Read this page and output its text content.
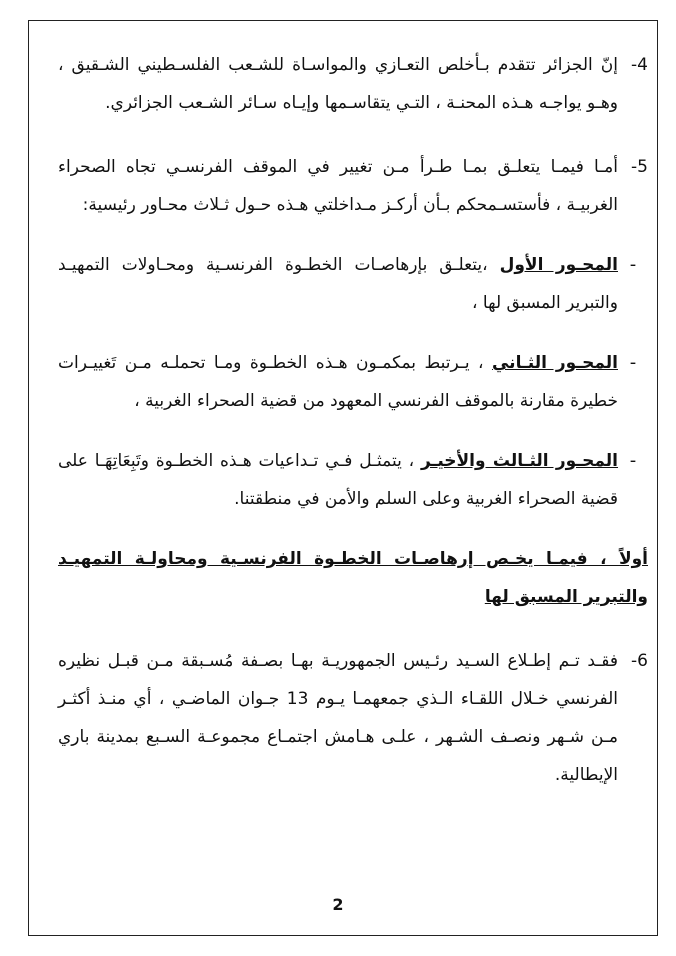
-4
إنّ الجزائر تتقدم بـأخلص التعـازي والمواسـاة للشـعب الفلسـطيني الشـقيق ، وهـو يواجـه هـذه المحنـة ، التـي يتقاسـمها وإيـاه سـائر الشـعب الجزائري.
-5
أمـا فيمـا يتعلـق بمـا طـرأ مـن تغيير في الموقف الفرنسـي تجاه الصحراء الغربيـة ، فأستسـمحكم بـأن أركـز مـداخلتي هـذه حـول ثـلاث محـاور رئيسية:
-
المحـور الأول ،يتعلـق بإرهاصـات الخطـوة الفرنسـية ومحـاولات التمهيـد والتبرير المسبق لها ،
-
المحـور الثـاني ، يـرتبط بمكمـون هـذه الخطـوة ومـا تحملـه مـن تَغييـرات خطيرة مقارنة بالموقف الفرنسي المعهود من قضية الصحراء الغربية ،
-
المحـور الثـالث والأخيـر ، يتمثـل فـي تـداعيات هـذه الخطـوة وتَبِعَاتِهَـا على قضية الصحراء الغربية وعلى السلم والأمن في منطقتنا.
أولاً ، فيمـا يخـص إرهاصـات الخطـوة الفرنسـية ومحاولـة التمهيـد والتبرير المسبق لها
-6
فقـد تـم إطـلاع السـيد رئـيس الجمهوريـة بهـا بصـفة مُسـبقة مـن قبـل نظيره الفرنسي خـلال اللقـاء الـذي جمعهمـا يـوم 13 جـوان الماضـي ، أي منـذ أكثـر مـن شـهر ونصـف الشـهر ، علـى هـامش اجتمـاع مجموعـة السـبع بمدينة باري الإيطالية.
2
